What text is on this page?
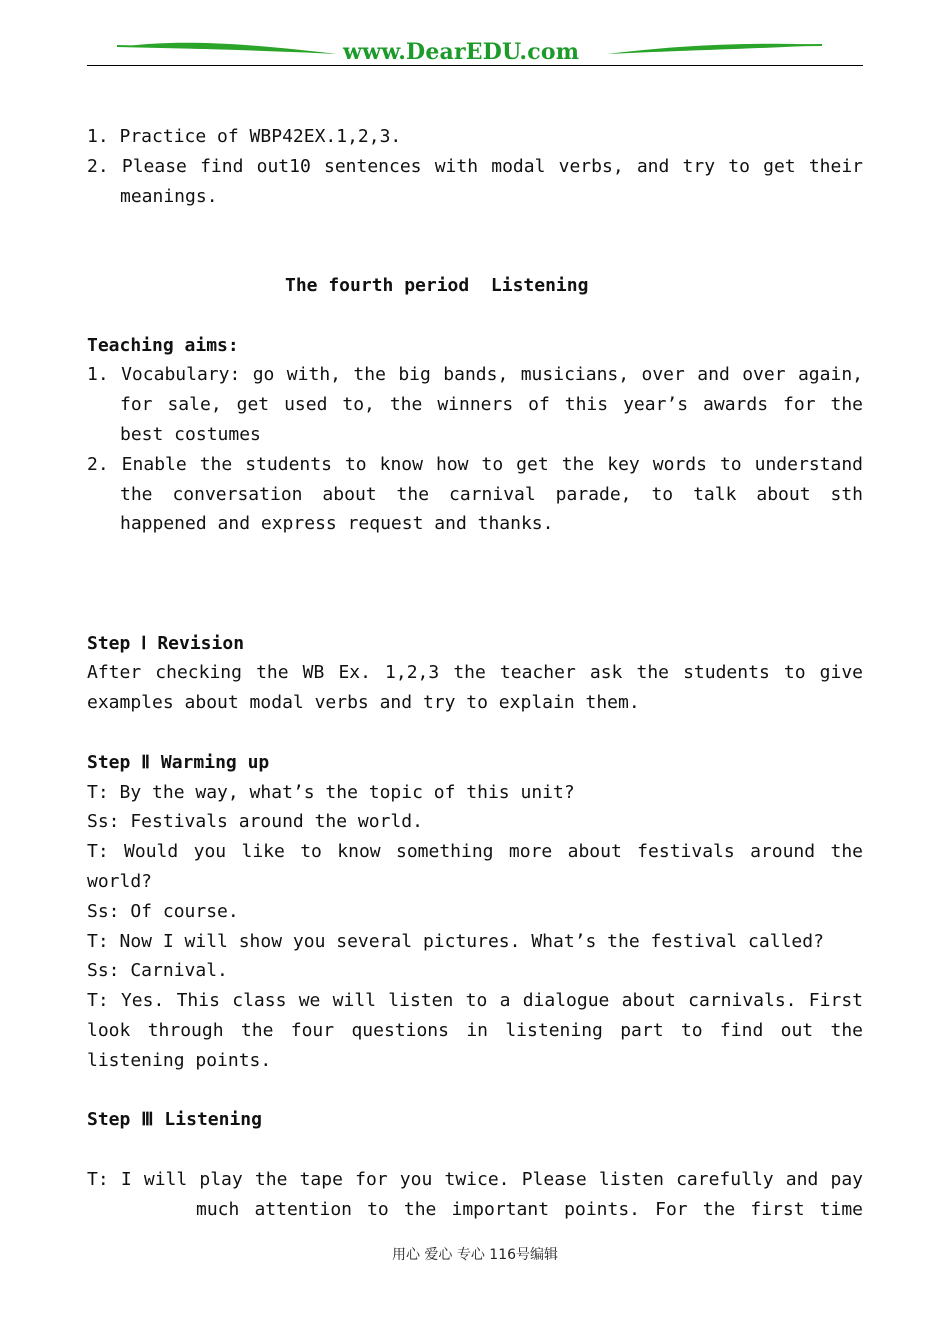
www.DearEDU.com
1. Practice of WBP42EX.1,2,3.
2. Please find out10 sentences with modal verbs, and try to get their
meanings.
The fourth period  Listening
Teaching aims:
1. Vocabulary: go with, the big bands, musicians, over and over again,
for sale, get used to, the winners of this year’s awards for the
best costumes
2. Enable the students to know how to get the key words to understand
the conversation about the carnival parade, to talk about sth
happened and express request and thanks.
Step Ⅰ Revision
After checking the WB Ex. 1,2,3 the teacher ask the students to give
examples about modal verbs and try to explain them.
Step Ⅱ Warming up
T: By the way, what’s the topic of this unit?
Ss: Festivals around the world.
T: Would you like to know something more about festivals around the
world?
Ss: Of course.
T: Now I will show you several pictures. What’s the festival called?
Ss: Carnival.
T: Yes. This class we will listen to a dialogue about carnivals. First
look through the four questions in listening part to find out the
listening points.
Step Ⅲ Listening
T: I will play the tape for you twice. Please listen carefully and pay
much attention to the important points. For the first time
用心 爱心 专心 116号编辑
